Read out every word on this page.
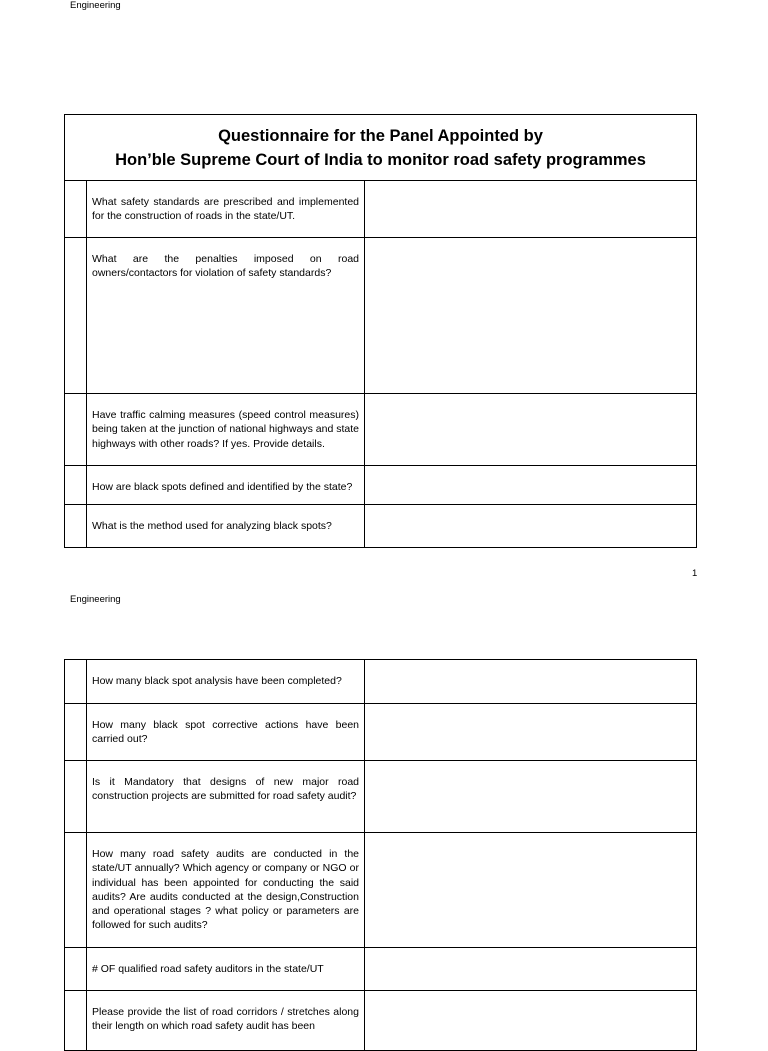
Engineering
Questionnaire for the Panel Appointed by
Hon’ble Supreme Court of India to monitor road safety programmes		

	What safety standards are prescribed and implemented for the construction of roads in the state/UT.	
	What are the penalties imposed on road owners/contactors for violation of safety standards?	
	Have traffic calming measures (speed control measures) being taken at the junction of national highways and state highways with other roads? If yes. Provide details.	
	How are black spots defined and identified by the state?	
	What is the method used for analyzing black spots?	
1
Engineering
	How many black spot analysis have been completed?	
	How many black spot corrective actions have been carried out?	
	Is it Mandatory that designs of new major road construction projects are submitted for road safety audit?	
	How many road safety audits are conducted in the state/UT annually? Which agency or company or NGO or individual has been appointed for conducting the said audits? Are audits conducted at the design,Construction and operational stages ? what policy or parameters are followed for such audits?	
	# OF qualified road safety auditors in the state/UT	
	Please provide the list of road corridors / stretches along their length on which road safety audit has been	
